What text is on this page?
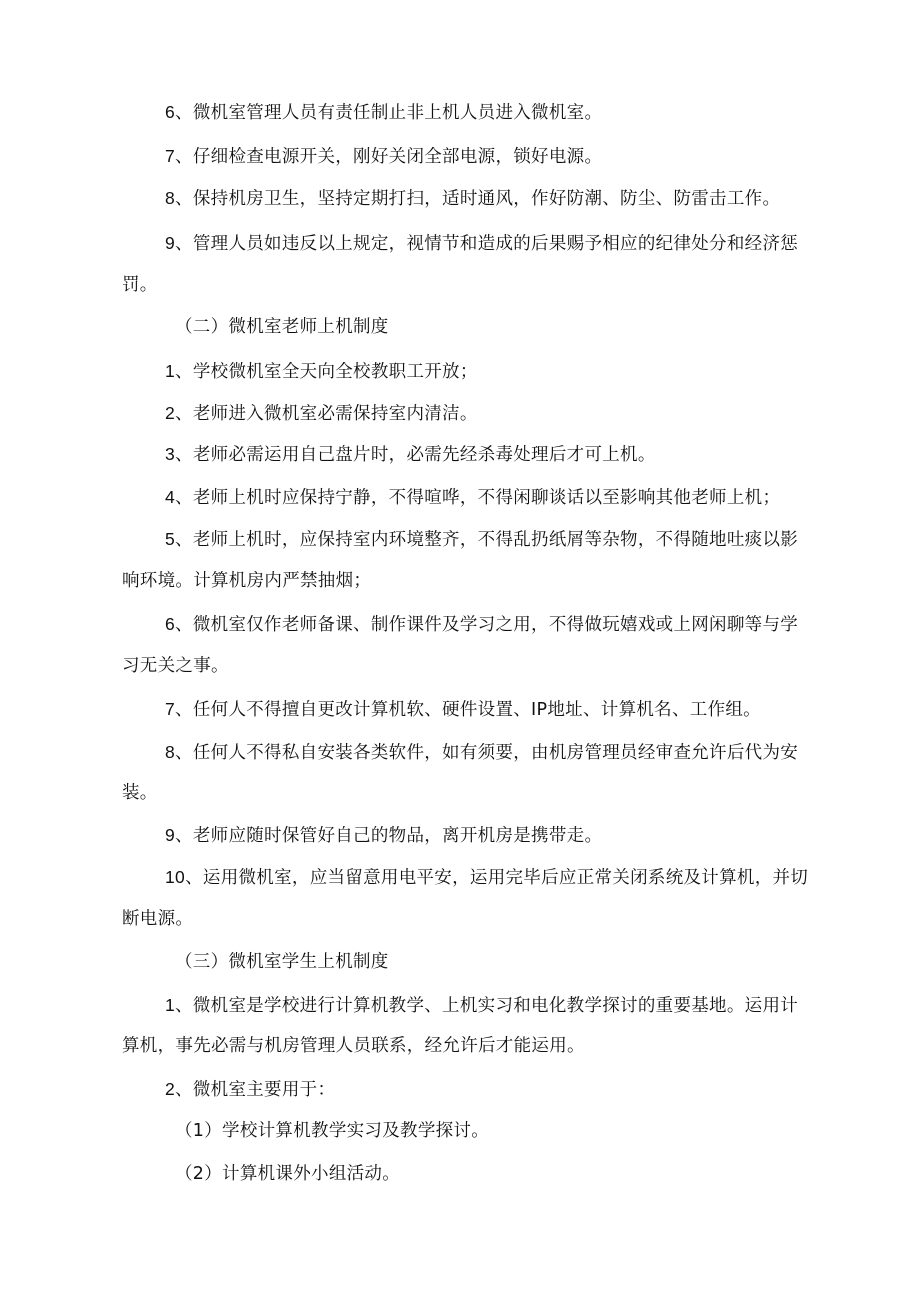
6、微机室管理人员有责任制止非上机人员进入微机室。
7、仔细检查电源开关，刚好关闭全部电源，锁好电源。
8、保持机房卫生，坚持定期打扫，适时通风，作好防潮、防尘、防雷击工作。
9、管理人员如违反以上规定，视情节和造成的后果赐予相应的纪律处分和经济惩
罚。
（二）微机室老师上机制度
1、学校微机室全天向全校教职工开放；
2、老师进入微机室必需保持室内清洁。
3、老师必需运用自己盘片时，必需先经杀毒处理后才可上机。
4、老师上机时应保持宁静，不得喧哗，不得闲聊谈话以至影响其他老师上机；
5、老师上机时，应保持室内环境整齐，不得乱扔纸屑等杂物，不得随地吐痰以影
响环境。计算机房内严禁抽烟；
6、微机室仅作老师备课、制作课件及学习之用，不得做玩嬉戏或上网闲聊等与学
习无关之事。
7、任何人不得擅自更改计算机软、硬件设置、IP地址、计算机名、工作组。
8、任何人不得私自安装各类软件，如有须要，由机房管理员经审查允许后代为安
装。
9、老师应随时保管好自己的物品，离开机房是携带走。
10、运用微机室，应当留意用电平安，运用完毕后应正常关闭系统及计算机，并切
断电源。
（三）微机室学生上机制度
1、微机室是学校进行计算机教学、上机实习和电化教学探讨的重要基地。运用计
算机，事先必需与机房管理人员联系，经允许后才能运用。
2、微机室主要用于：
（1）学校计算机教学实习及教学探讨。
（2）计算机课外小组活动。
